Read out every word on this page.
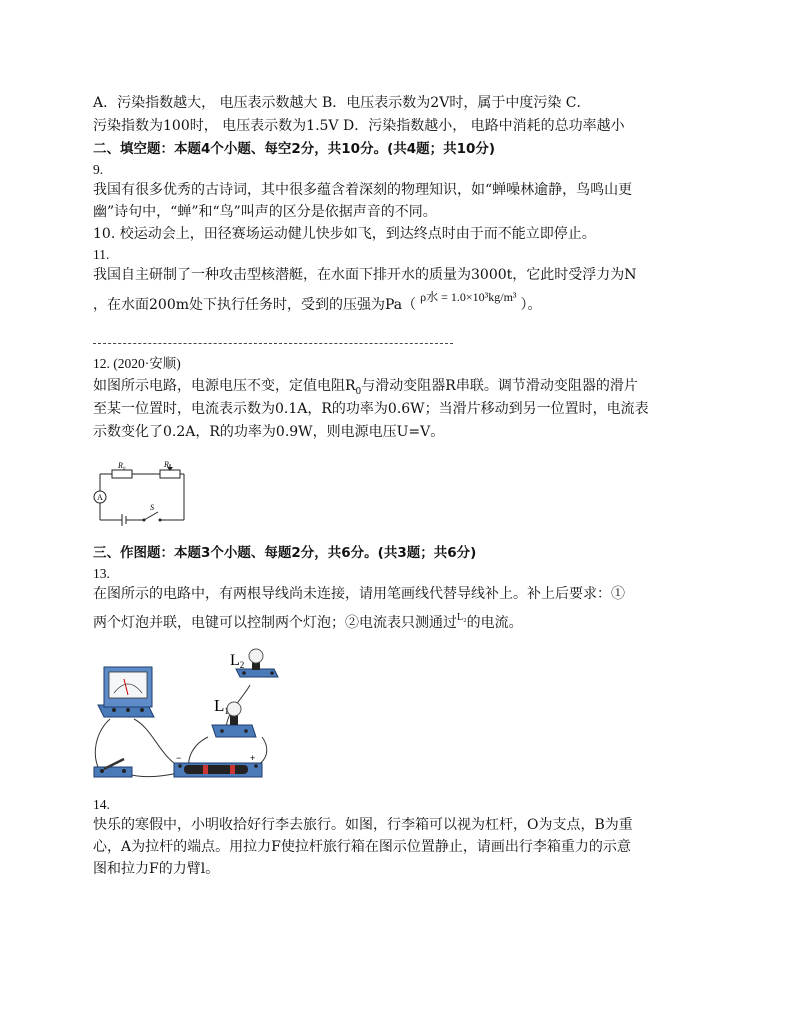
A．污染指数越大， 电压表示数越大 B．电压表示数为2V时，属于中度污染 C．
污染指数为100时， 电压表示数为1.5V D．污染指数越小， 电路中消耗的总功率越小
二、填空题：本题4个小题、每空2分，共10分。(共4题；共10分)
9.
我国有很多优秀的古诗词，其中很多蕴含着深刻的物理知识，如“蝉噪林逾静，鸟鸣山更
幽”诗句中，“蝉”和“鸟”叫声的区分是依据声音的不同。
10. 校运动会上，田径赛场运动健儿快步如飞，到达终点时由于而不能立即停止。
11.
我国自主研制了一种攻击型核潜艇，在水面下排开水的质量为3000t，它此时受浮力为N
，在水面200m处下执行任务时，受到的压强为Pa（ ρ水 = 1.0×10³kg/m³ ）。
12. (2020·安顺)
如图所示电路，电源电压不变，定值电阻$R_0$与滑动变阻器R串联。调节滑动变阻器的滑片
至某一位置时，电流表示数为0.1A，R的功率为0.6W；当滑片移动到另一位置时，电流表
示数变化了0.2A，R的功率为0.9W，则电源电压U=V。
R₀	R
A
S
三、作图题：本题3个小题、每题2分，共6分。(共3题；共6分)
13.
在图所示的电路中，有两根导线尚未连接，请用笔画线代替导线补上。补上后要求：①
两个灯泡并联，电键可以控制两个灯泡；②电流表只测通过$^{L_2}$的电流。
−	+
L2
L1
14.
快乐的寒假中，小明收拾好行李去旅行。如图，行李箱可以视为杠杆，O为支点，B为重
心，A为拉杆的端点。用拉力F使拉杆旅行箱在图示位置静止，请画出行李箱重力的示意
图和拉力F的力臂l。
